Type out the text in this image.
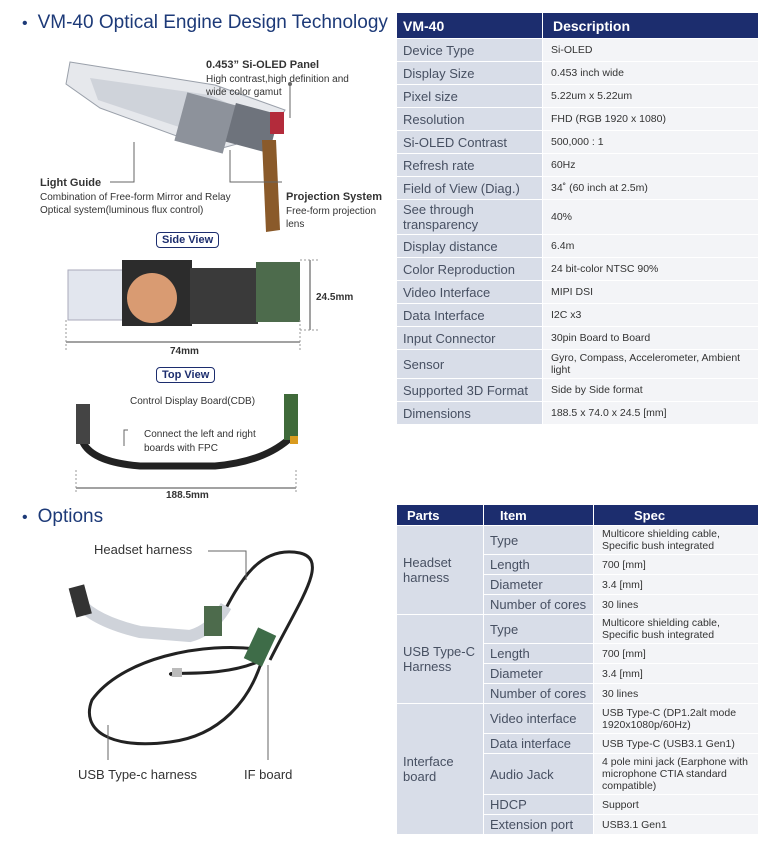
• VM-40 Optical Engine Design Technology
• Options
0.453” Si-OLED Panel
High contrast,high definition and wide color gamut
Light Guide
Combination of Free-form Mirror and Relay Optical system(luminous flux control)
Projection System
Free-form projection lens
Side View
24.5mm
74mm
Top View
Control Display Board(CDB)
Connect the left and right boards with FPC
188.5mm
Headset harness
USB Type-c harness	IF board
VM-40	Description
Device Type	Si-OLED
Display Size	0.453 inch wide
Pixel size	5.22um x 5.22um
Resolution	FHD (RGB 1920 x 1080)
Si-OLED Contrast	500,000 : 1
Refresh rate	60Hz
Field of View (Diag.)	34˚ (60 inch at 2.5m)
See through transparency	40%
Display distance	6.4m
Color Reproduction	24 bit-color NTSC 90%
Video Interface	MIPI DSI
Data Interface	I2C x3
Input Connector	30pin Board to Board
Sensor	Gyro, Compass, Accelerometer, Ambient light
Supported 3D Format	Side by Side format
Dimensions	188.5 x 74.0 x 24.5 [mm]
Parts	Item	Spec
Headset harness	Type	Multicore shielding cable, Specific bush integrated
	Length	700 [mm]
	Diameter	3.4 [mm]
	Number of cores	30 lines
USB Type-C Harness	Type	Multicore shielding cable, Specific bush integrated
	Length	700 [mm]
	Diameter	3.4 [mm]
	Number of cores	30 lines
Interface board	Video interface	USB Type-C (DP1.2alt mode 1920x1080p/60Hz)
	Data interface	USB Type-C (USB3.1 Gen1)
	Audio Jack	4 pole mini jack (Earphone with microphone CTIA standard compatible)
	HDCP	Support
	Extension port	USB3.1 Gen1
